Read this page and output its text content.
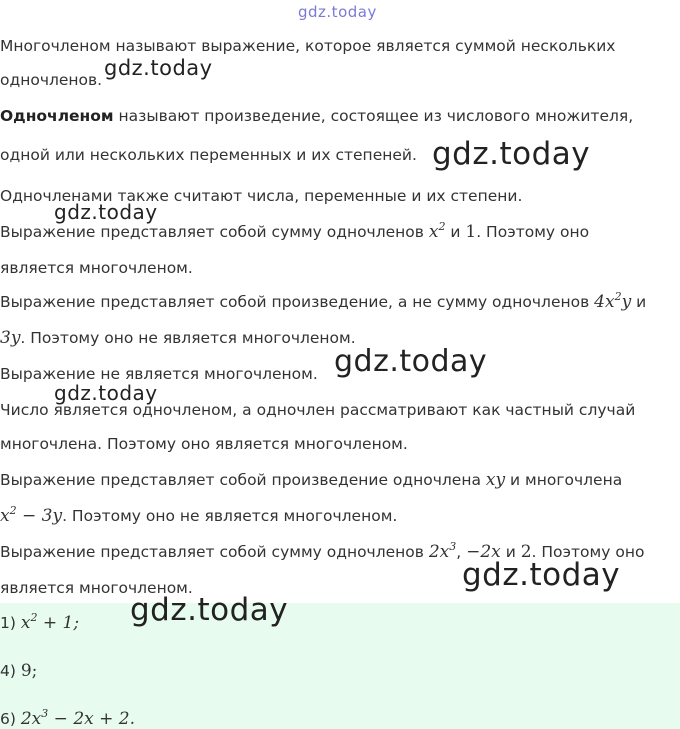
gdz.today
Многочленом называют выражение, которое является суммой нескольких
одночленов. gdz.today
Одночленом называют произведение, состоящее из числового множителя,
одной или нескольких переменных и их степеней. gdz.today
Одночленами также считают числа, переменные и их степени.
gdz.today
Выражение представляет собой сумму одночленов $x^2$ и 1. Поэтому оно
является многочленом.
Выражение представляет собой произведение, а не сумму одночленов $4x^2y$ и
3y. Поэтому оно не является многочленом.
Выражение не является многочленом. gdz.today
gdz.today
Число является одночленом, а одночлен рассматривают как частный случай
многочлена. Поэтому оно является многочленом.
Выражение представляет собой произведение одночлена xy и многочлена
$x^2 - 3y$. Поэтому оно не является многочленом.
Выражение представляет собой сумму одночленов $2x^3$, −2x и 2. Поэтому оно
является многочленом.	gdz.today
1) $x^2 + 1$;
4) 9;
6) $2x^3 - 2x + 2$.
gdz.today
